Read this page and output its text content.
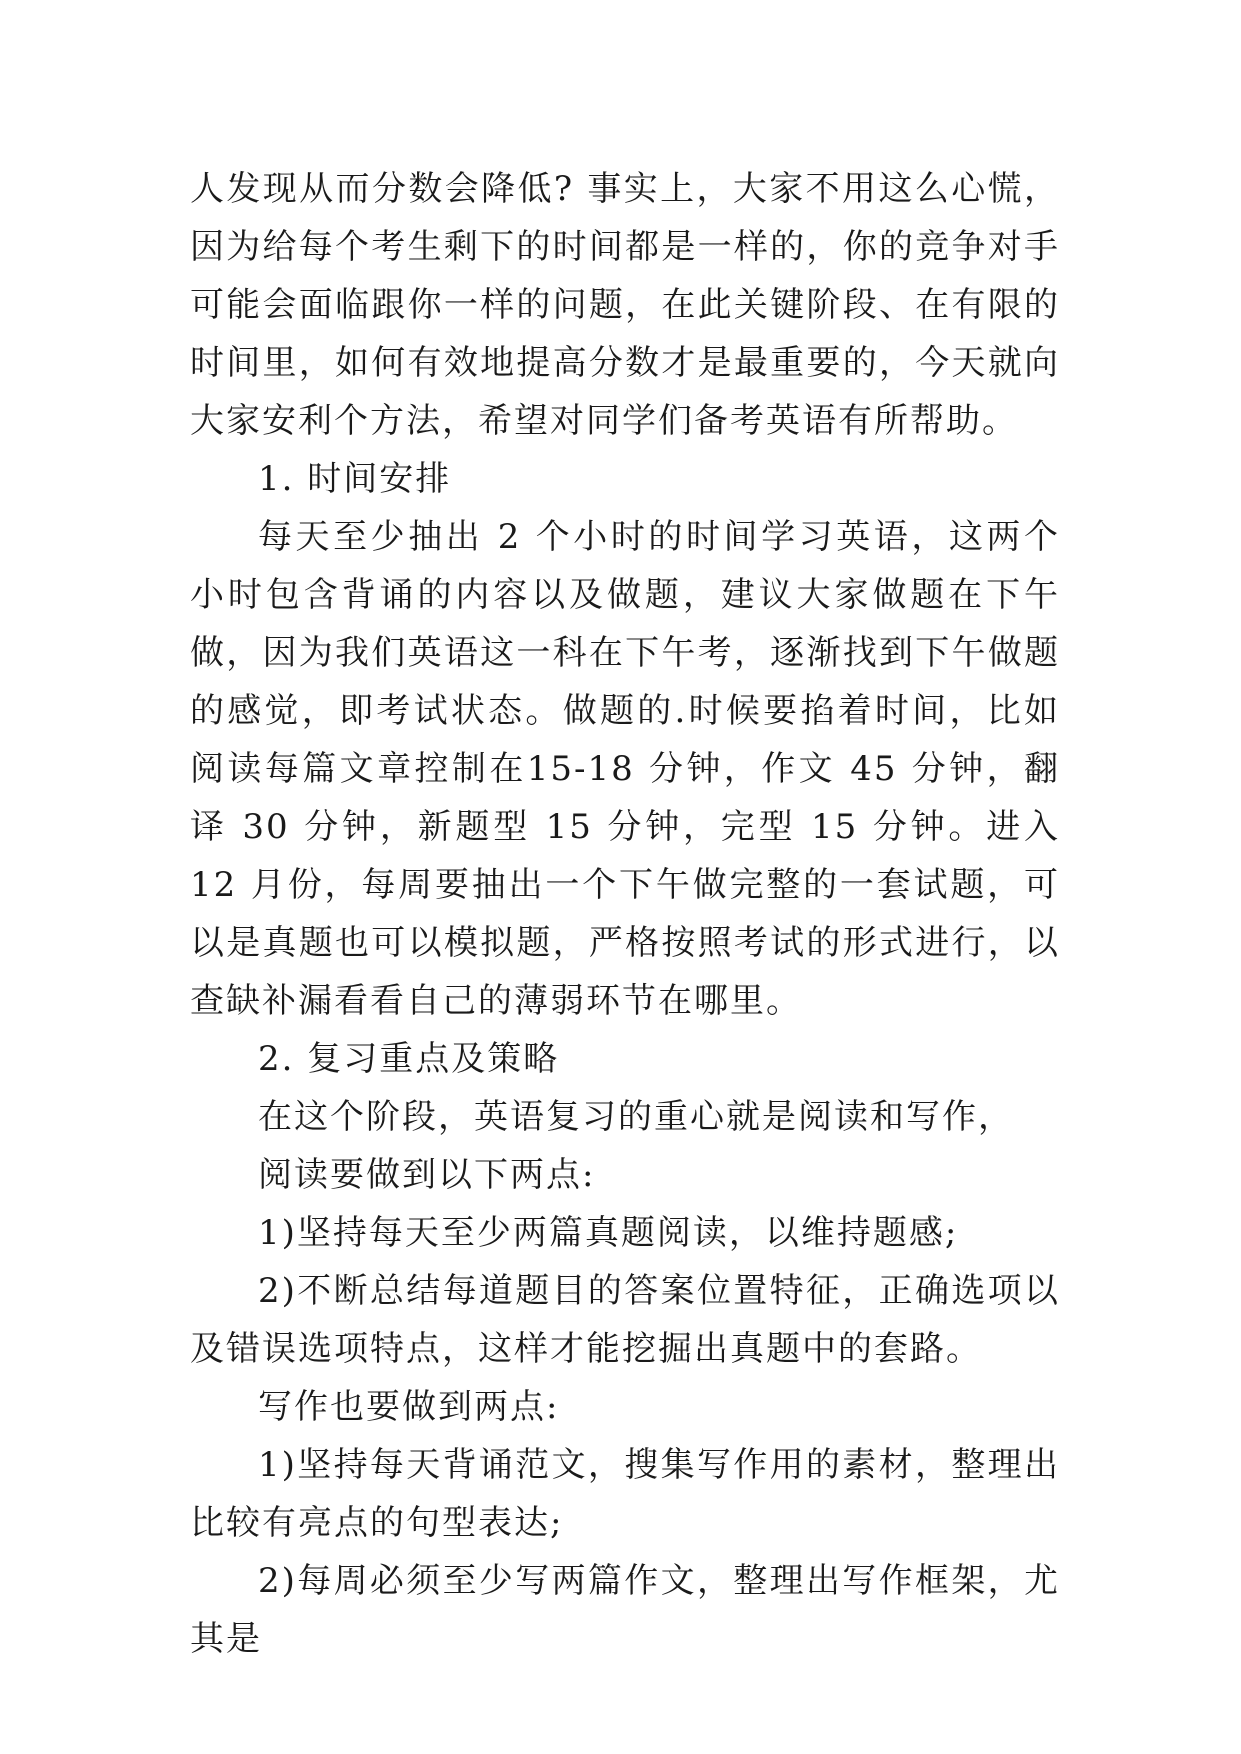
人发现从而分数会降低? 事实上，大家不用这么心慌，因为给每个考生剩下的时间都是一样的，你的竞争对手可能会面临跟你一样的问题，在此关键阶段、在有限的时间里，如何有效地提高分数才是最重要的，今天就向大家安利个方法，希望对同学们备考英语有所帮助。

1. 时间安排

每天至少抽出 2 个小时的时间学习英语，这两个小时包含背诵的内容以及做题，建议大家做题在下午做，因为我们英语这一科在下午考，逐渐找到下午做题的感觉，即考试状态。做题的.时候要掐着时间，比如阅读每篇文章控制在15-18 分钟，作文 45 分钟，翻译 30 分钟，新题型 15 分钟，完型 15 分钟。进入 12 月份，每周要抽出一个下午做完整的一套试题，可以是真题也可以模拟题，严格按照考试的形式进行，以查缺补漏看看自己的薄弱环节在哪里。

2. 复习重点及策略

在这个阶段，英语复习的重心就是阅读和写作，

阅读要做到以下两点:

1)坚持每天至少两篇真题阅读，以维持题感;

2)不断总结每道题目的答案位置特征，正确选项以及错误选项特点，这样才能挖掘出真题中的套路。

写作也要做到两点:

1)坚持每天背诵范文，搜集写作用的素材，整理出比较有亮点的句型表达;

2)每周必须至少写两篇作文，整理出写作框架，尤其是
